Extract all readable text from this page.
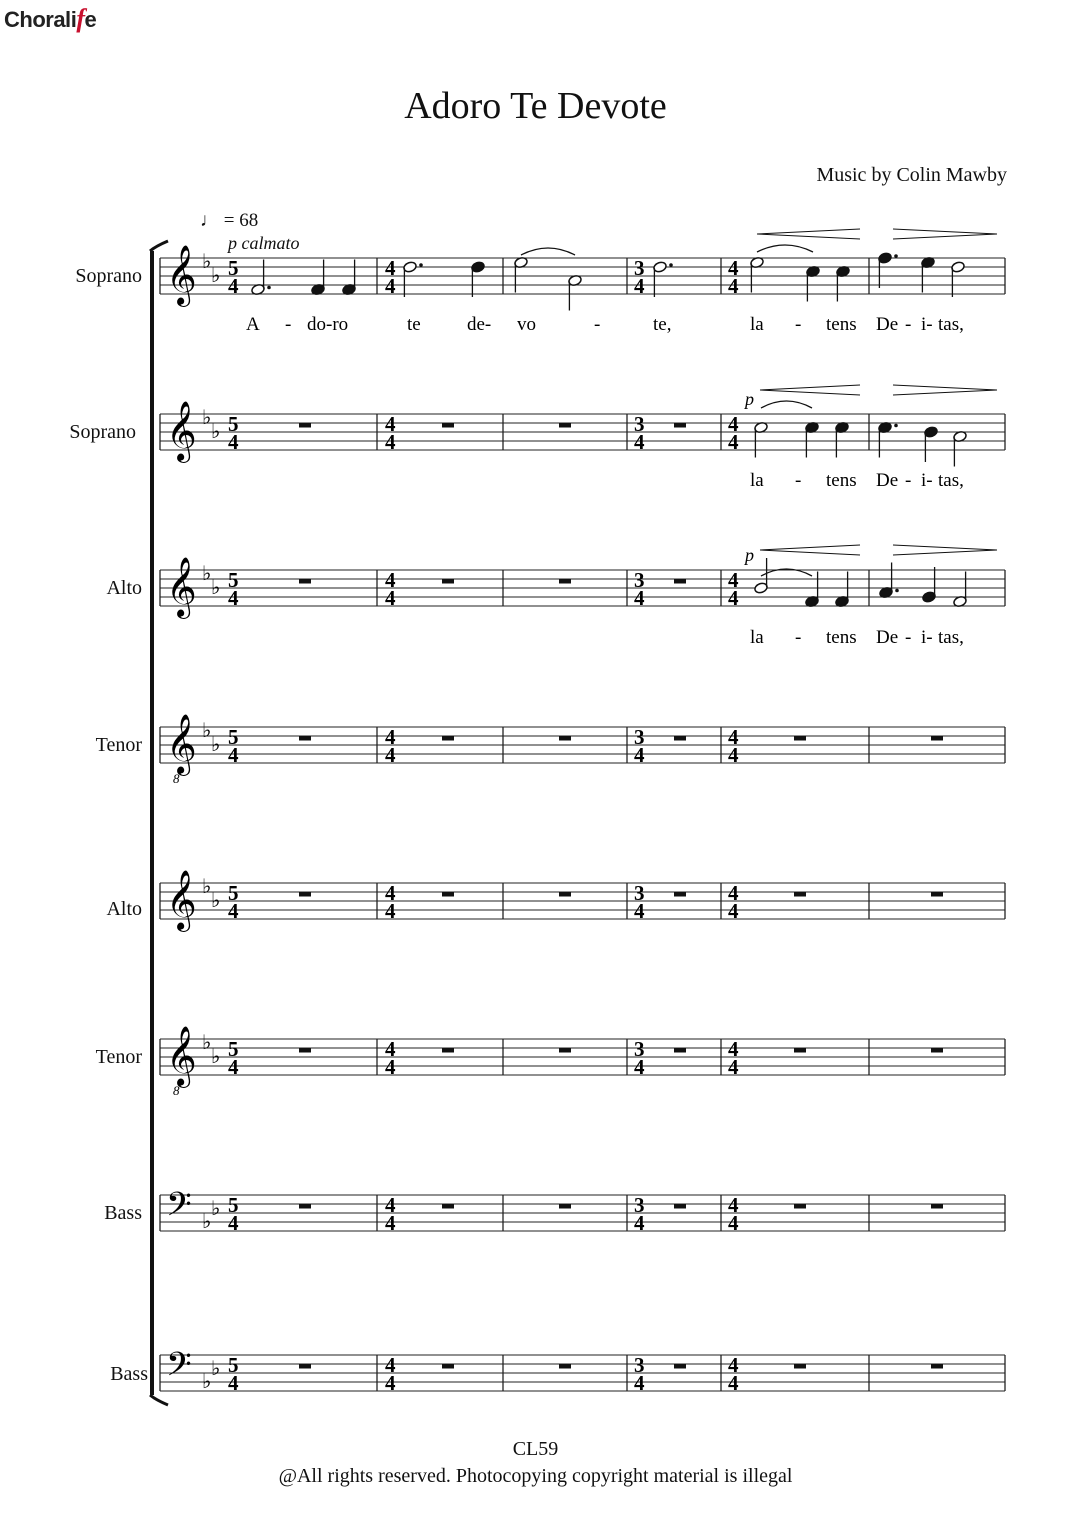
Choralife
Adoro Te Devote
Music by Colin Mawby
♩ = 68
p calmato
Soprano
Soprano
Alto
Tenor
Alto
Tenor
Bass
Bass
𝄞 ♭
♭ 5
4
4
4
3
4
4
4
𝄞 ♭
♭ 5
4
4
4
3
4
4
4
𝄞 ♭
♭ 5
4
4
4
3
4
4
4
𝄞
8
♭
♭ 5
4
4
4
3
4
4
4
𝄞 ♭
♭ 5
4
4
4
3
4
4
4
𝄞
8
♭
♭ 5
4
4
4
3
4
4
4
𝄢 ♭
♭ 5
4
4
4
3
4
4
4
𝄢 ♭
♭ 5
4
4
4
3
4
4
4
A - do-ro	te de- vo	-	te,	la - tens De - i- tas,
la - tens De - i- tas,
la - tens De - i- tas,
p
p
CL59
@All rights reserved. Photocopying copyright material is illegal
